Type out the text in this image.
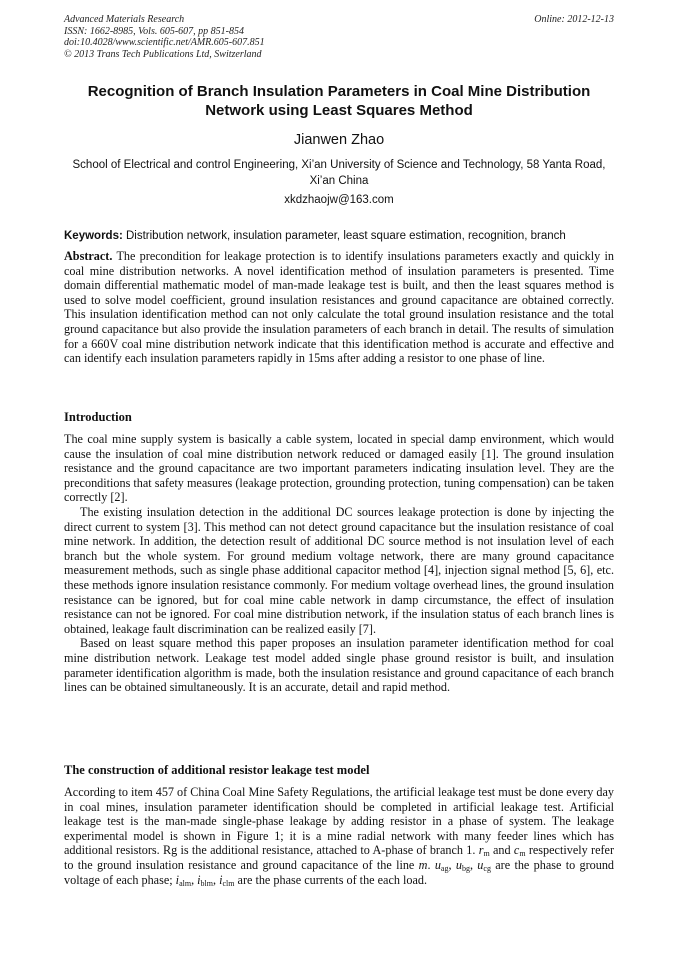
Advanced Materials Research
ISSN: 1662-8985, Vols. 605-607, pp 851-854
doi:10.4028/www.scientific.net/AMR.605-607.851
© 2013 Trans Tech Publications Ltd, Switzerland
Online: 2012-12-13
Recognition of Branch Insulation Parameters in Coal Mine Distribution Network using Least Squares Method
Jianwen Zhao
School of Electrical and control Engineering, Xi’an University of Science and Technology, 58 Yanta Road, Xi’an China
xkdzhaojw@163.com
Keywords: Distribution network, insulation parameter, least square estimation, recognition, branch
Abstract. The precondition for leakage protection is to identify insulations parameters exactly and quickly in coal mine distribution networks. A novel identification method of insulation parameters is presented. Time domain differential mathematic model of man-made leakage test is built, and then the least squares method is used to solve model coefficient, ground insulation resistances and ground capacitance are obtained correctly. This insulation identification method can not only calculate the total ground insulation resistance and the total ground capacitance but also provide the insulation parameters of each branch in detail. The results of simulation for a 660V coal mine distribution network indicate that this identification method is accurate and effective and can identify each insulation parameters rapidly in 15ms after adding a resistor to one phase of line.
Introduction

The coal mine supply system is basically a cable system, located in special damp environment, which would cause the insulation of coal mine distribution network reduced or damaged easily [1]. The ground insulation resistance and the ground capacitance are two important parameters indicating insulation level. They are the preconditions that safety measures (leakage protection, grounding protection, tuning compensation) can be taken correctly [2].

The existing insulation detection in the additional DC sources leakage protection is done by injecting the direct current to system [3]. This method can not detect ground capacitance but the insulation resistance of coal mine network. In addition, the detection result of additional DC source method is not insulation level of each branch but the whole system. For ground medium voltage network, there are many ground capacitance measurement methods, such as single phase additional capacitor method [4], injection signal method [5, 6], etc. these methods ignore insulation resistance commonly. For medium voltage overhead lines, the ground insulation resistance can be ignored, but for coal mine cable network in damp circumstance, the effect of insulation resistance can not be ignored. For coal mine distribution network, if the insulation status of each branch lines is obtained, leakage fault discrimination can be realized easily [7].

Based on least square method this paper proposes an insulation parameter identification method for coal mine distribution network. Leakage test model added single phase ground resistor is built, and insulation parameter identification algorithm is made, both the insulation resistance and ground capacitance of each branch lines can be obtained simultaneously. It is an accurate, detail and rapid method.

The construction of additional resistor leakage test model

According to item 457 of China Coal Mine Safety Regulations, the artificial leakage test must be done every day in coal mines, insulation parameter identification should be completed in artificial leakage test. Artificial leakage test is the man-made single-phase leakage by adding resistor in a phase of system. The leakage experimental model is shown in Figure 1; it is a mine radial network with many feeder lines which has additional resistors. Rg is the additional resistance, attached to A-phase of branch 1. $r_m$ and $c_m$ respectively refer to the ground insulation resistance and ground capacitance of the line m. $u_{ag}$, $u_{bg}$, $u_{cg}$ are the phase to ground voltage of each phase; $i_{alm}$, $i_{blm}$, $i_{clm}$ are the phase currents of the each load.
